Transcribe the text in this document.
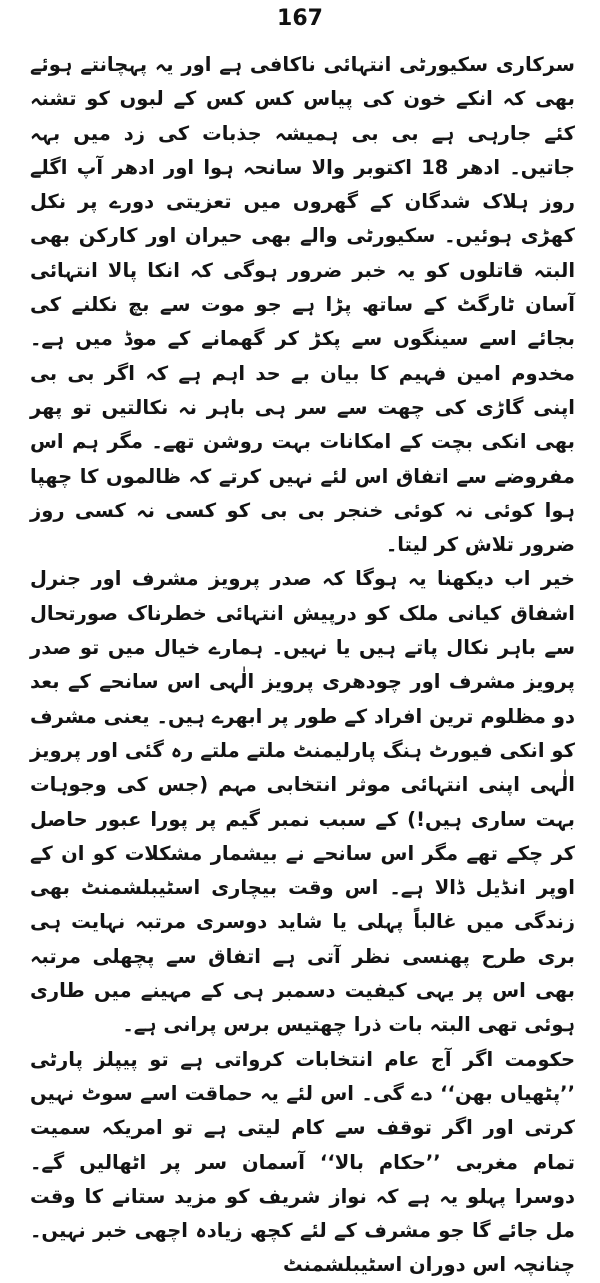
167

سرکاری سکیورٹی انتہائی ناکافی ہے اور یہ پہچانتے ہوئے بھی کہ انکے خون کی پیاس کس کس کے لبوں کو تشنہ کئے جارہی ہے بی بی ہمیشہ جذبات کی زد میں بہہ جاتیں۔ ادھر 18 اکتوبر والا سانحہ ہوا اور ادھر آپ اگلے روز ہلاک شدگان کے گھروں میں تعزیتی دورے پر نکل کھڑی ہوئیں۔ سکیورٹی والے بھی حیران اور کارکن بھی البتہ قاتلوں کو یہ خبر ضرور ہوگی کہ انکا پالا انتہائی آسان ٹارگٹ کے ساتھ پڑا ہے جو موت سے بچ نکلنے کی بجائے اسے سینگوں سے پکڑ کر گھمانے کے موڈ میں ہے۔ مخدوم امین فہیم کا بیان بے حد اہم ہے کہ اگر بی بی اپنی گاڑی کی چھت سے سر ہی باہر نہ نکالتیں تو پھر بھی انکی بچت کے امکانات بہت روشن تھے۔ مگر ہم اس مفروضے سے اتفاق اس لئے نہیں کرتے کہ ظالموں کا چھپا ہوا کوئی نہ کوئی خنجر بی بی کو کسی نہ کسی روز ضرور تلاش کر لیتا۔

خیر اب دیکھنا یہ ہوگا کہ صدر پرویز مشرف اور جنرل اشفاق کیانی ملک کو درپیش انتہائی خطرناک صورتحال سے باہر نکال پاتے ہیں یا نہیں۔ ہمارے خیال میں تو صدر پرویز مشرف اور چودھری پرویز الٰہی اس سانحے کے بعد دو مظلوم ترین افراد کے طور پر ابھرے ہیں۔ یعنی مشرف کو انکی فیورٹ ہنگ پارلیمنٹ ملتے ملتے رہ گئی اور پرویز الٰہی اپنی انتہائی موثر انتخابی مہم (جس کی وجوہات بہت ساری ہیں!) کے سبب نمبر گیم پر پورا عبور حاصل کر چکے تھے مگر اس سانحے نے بیشمار مشکلات کو ان کے اوپر انڈیل ڈالا ہے۔ اس وقت بیچاری اسٹیبلشمنٹ بھی زندگی میں غالباً پہلی یا شاید دوسری مرتبہ نہایت ہی بری طرح پھنسی نظر آتی ہے اتفاق سے پچھلی مرتبہ بھی اس پر یہی کیفیت دسمبر ہی کے مہینے میں طاری ہوئی تھی البتہ بات ذرا چھتیس برس پرانی ہے۔

حکومت اگر آج عام انتخابات کرواتی ہے تو پیپلز پارٹی ’’پٹھیاں بھن‘‘ دے گی۔ اس لئے یہ حماقت اسے سوٹ نہیں کرتی اور اگر توقف سے کام لیتی ہے تو امریکہ سمیت تمام مغربی ’’حکام بالا‘‘ آسمان سر پر اٹھالیں گے۔ دوسرا پہلو یہ ہے کہ نواز شریف کو مزید ستانے کا وقت مل جائے گا جو مشرف کے لئے کچھ زیادہ اچھی خبر نہیں۔ چنانچہ اس دوران اسٹیبلشمنٹ
